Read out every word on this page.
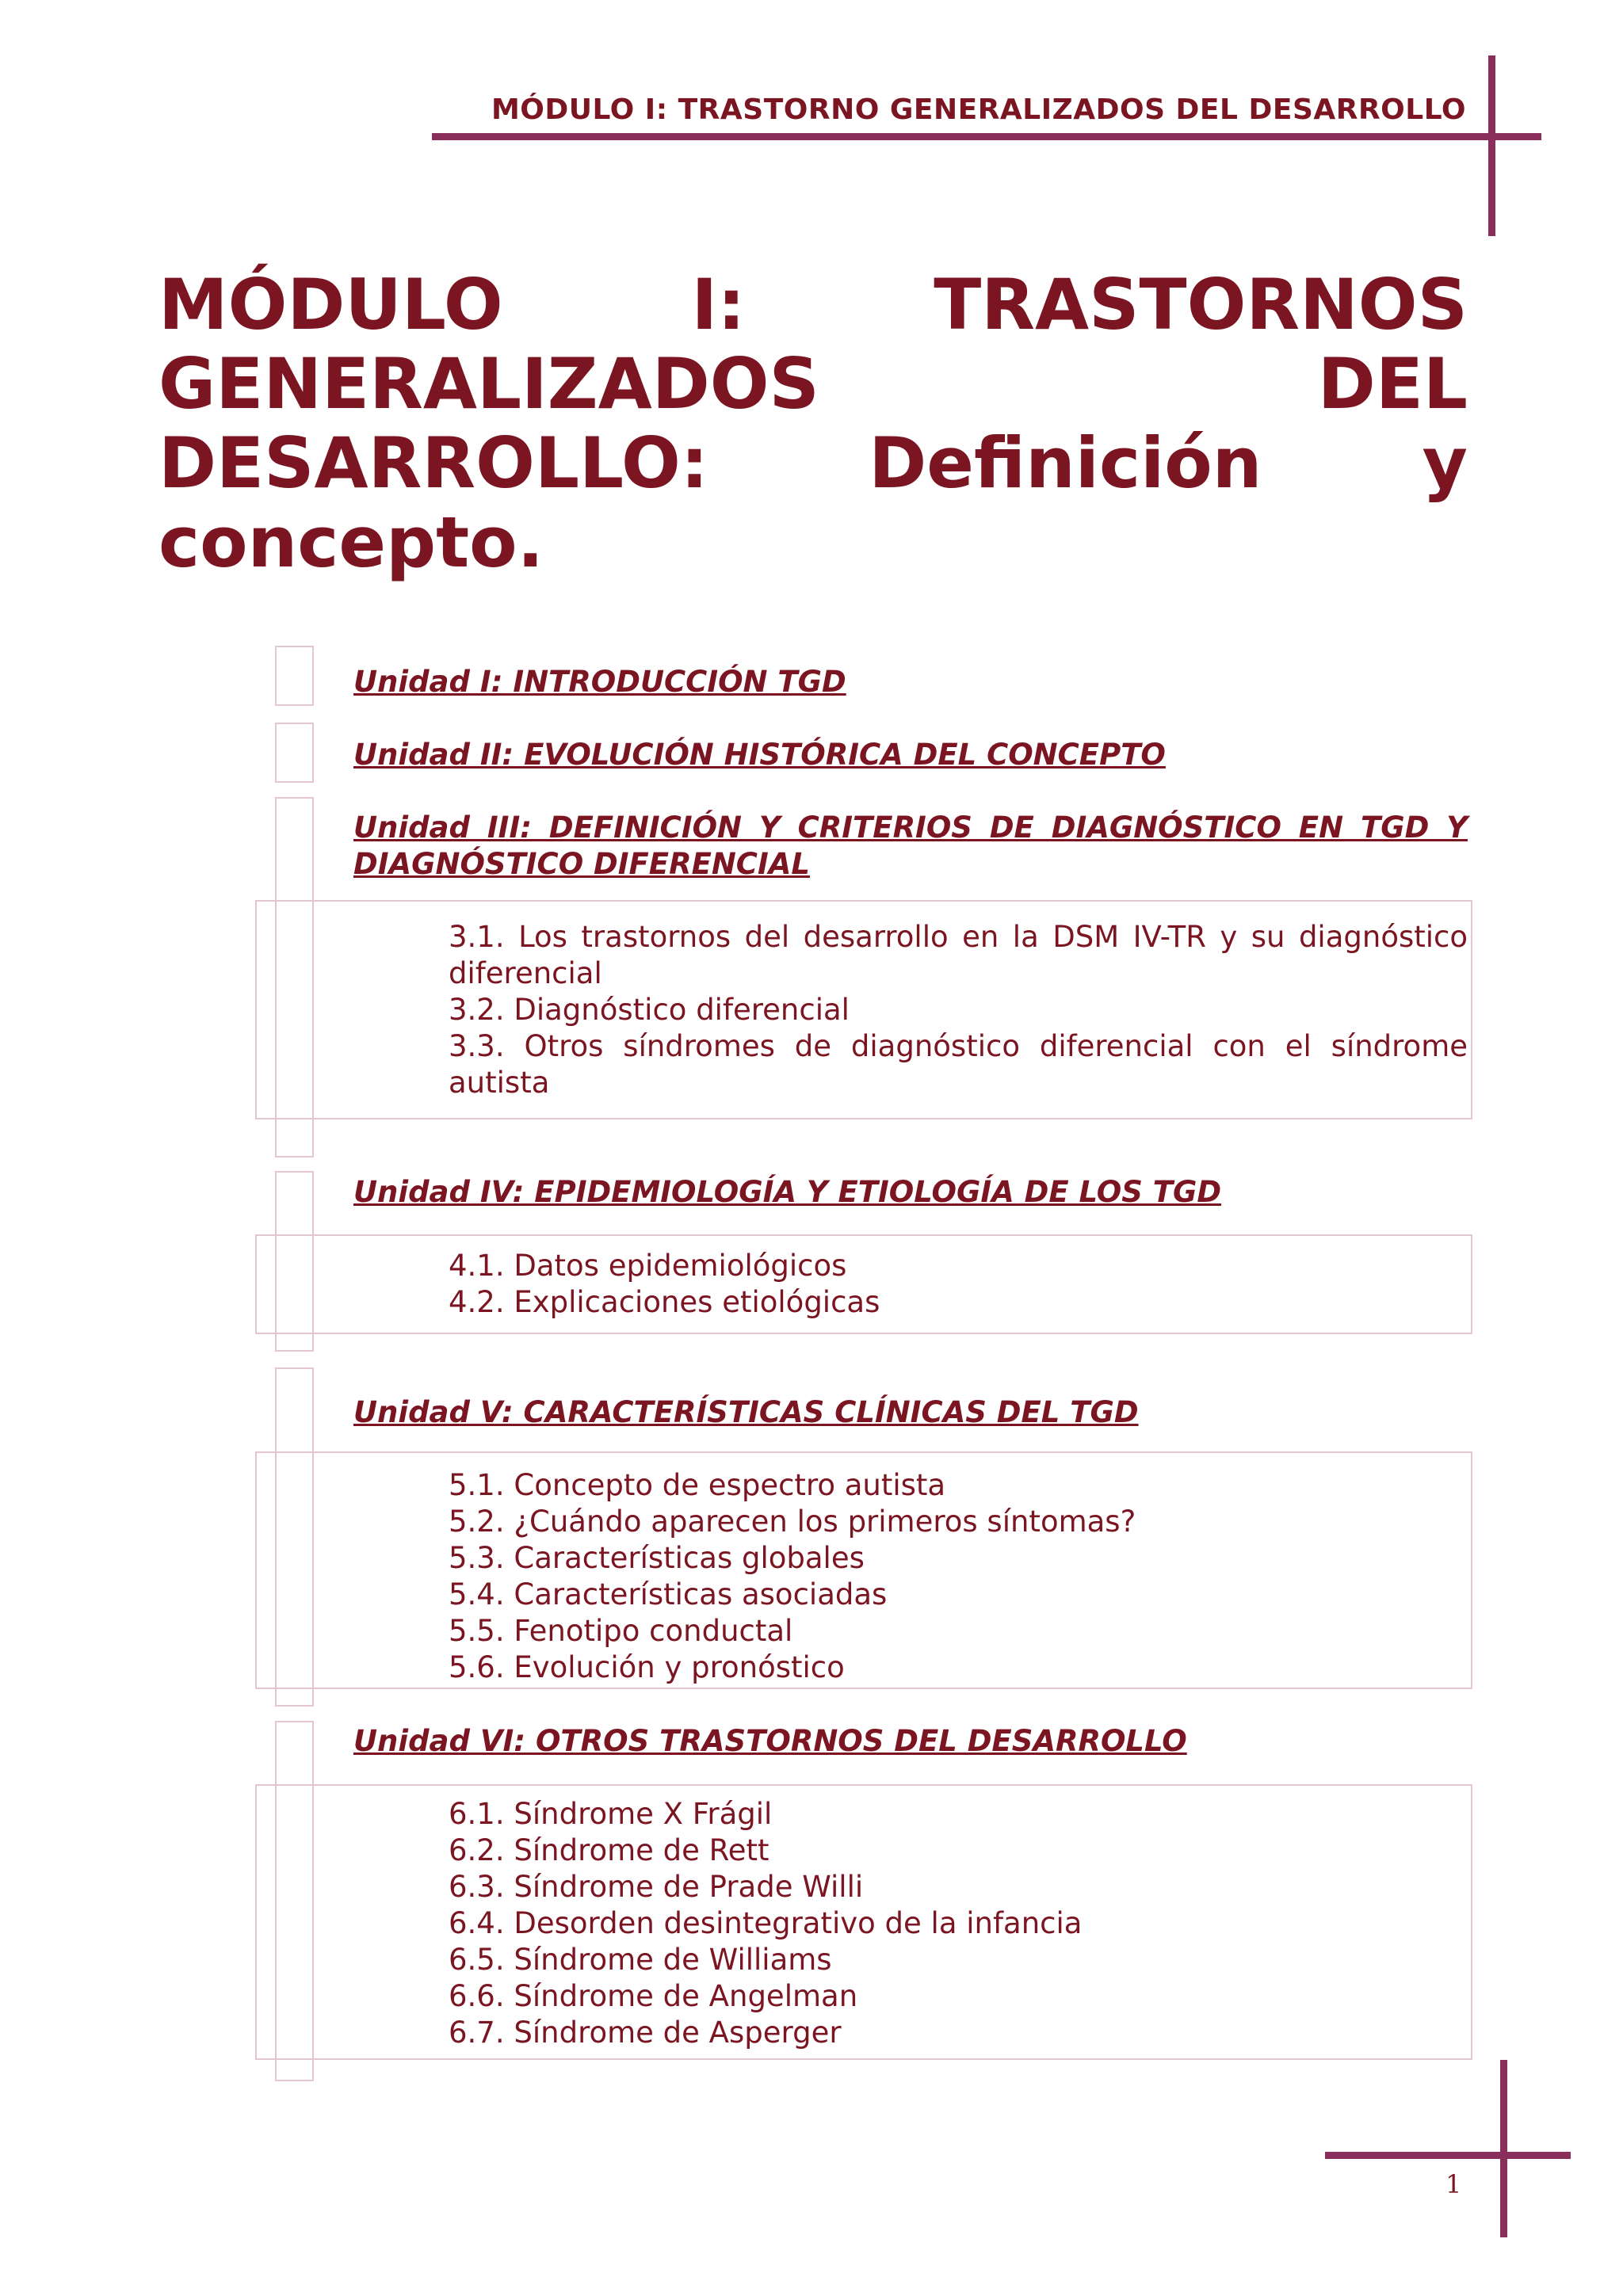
MÓDULO I: TRASTORNO GENERALIZADOS DEL DESARROLLO
MÓDULO	I:	TRASTORNOS
GENERALIZADOS	DEL
DESARROLLO: Definición y
concepto.
Unidad I: INTRODUCCIÓN TGD
Unidad II: EVOLUCIÓN HISTÓRICA DEL CONCEPTO
Unidad III: DEFINICIÓN Y CRITERIOS DE DIAGNÓSTICO EN TGD Y DIAGNÓSTICO DIFERENCIAL
3.1. Los trastornos del desarrollo en la DSM IV-TR y su diagnóstico diferencial
3.2. Diagnóstico diferencial
3.3. Otros síndromes de diagnóstico diferencial con el síndrome autista
Unidad IV: EPIDEMIOLOGÍA Y ETIOLOGÍA DE LOS TGD
4.1. Datos epidemiológicos
4.2. Explicaciones etiológicas
Unidad V: CARACTERÍSTICAS CLÍNICAS DEL TGD
5.1. Concepto de espectro autista
5.2. ¿Cuándo aparecen los primeros síntomas?
5.3. Características globales
5.4. Características asociadas
5.5. Fenotipo conductal
5.6. Evolución y pronóstico
Unidad VI: OTROS TRASTORNOS DEL DESARROLLO
6.1. Síndrome X Frágil
6.2. Síndrome de Rett
6.3. Síndrome de Prade Willi
6.4. Desorden desintegrativo de la infancia
6.5. Síndrome de Williams
6.6. Síndrome de Angelman
6.7. Síndrome de Asperger
1
